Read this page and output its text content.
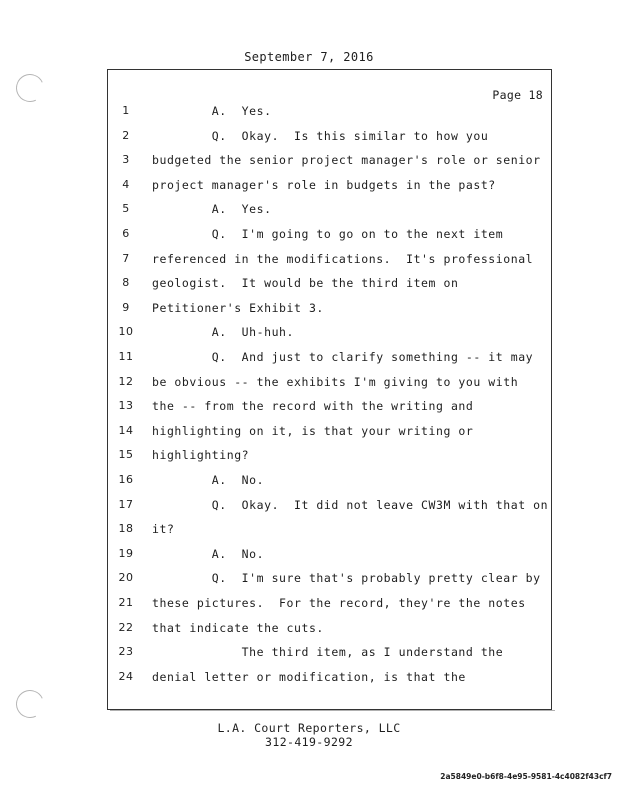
September 7, 2016
Page 18
1	A.  Yes.
2	Q.  Okay.  Is this similar to how you
3	budgeted the senior project manager's role or senior
4	project manager's role in budgets in the past?
5	A.  Yes.
6	Q.  I'm going to go on to the next item
7	referenced in the modifications.  It's professional
8	geologist.  It would be the third item on
9	Petitioner's Exhibit 3.
10	A.  Uh-huh.
11	Q.  And just to clarify something -- it may
12	be obvious -- the exhibits I'm giving to you with
13	the -- from the record with the writing and
14	highlighting on it, is that your writing or
15	highlighting?
16	A.  No.
17	Q.  Okay.  It did not leave CW3M with that on
18	it?
19	A.  No.
20	Q.  I'm sure that's probably pretty clear by
21	these pictures.  For the record, they're the notes
22	that indicate the cuts.
23	The third item, as I understand the
24	denial letter or modification, is that the
L.A. Court Reporters, LLC
312-419-9292
2a5849e0-b6f8-4e95-9581-4c4082f43cf7
